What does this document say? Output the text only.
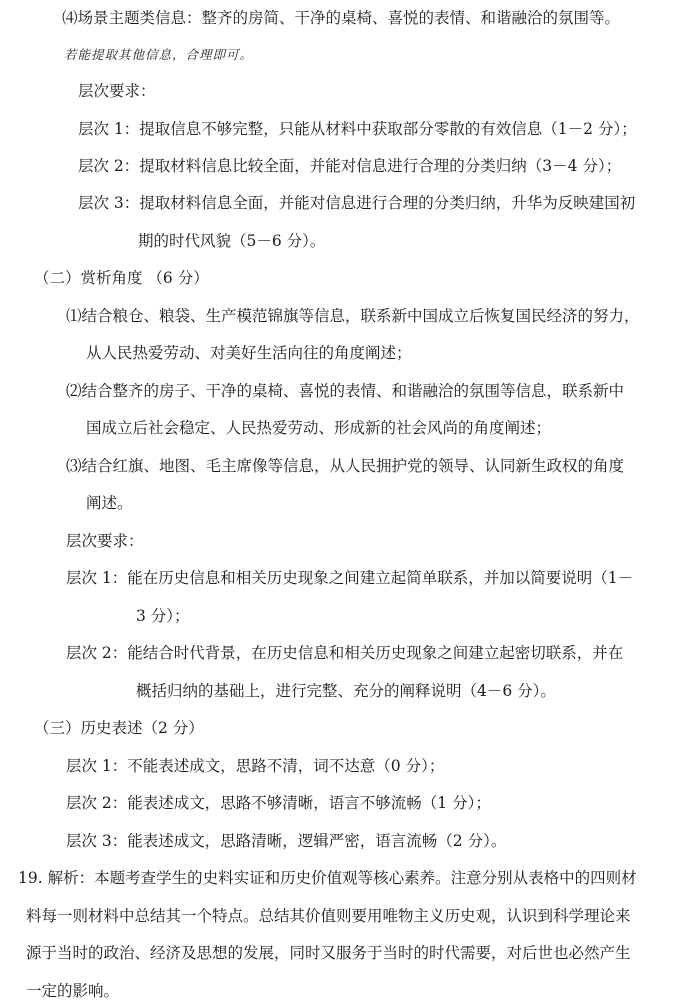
⑷场景主题类信息：整齐的房简、干净的桌椅、喜悦的表情、和谐融洽的氛围等。
若能提取其他信息，合理即可。
层次要求：
层次 1：提取信息不够完整，只能从材料中获取部分零散的有效信息（1－2 分）；
层次 2：提取材料信息比较全面，并能对信息进行合理的分类归纳（3－4 分）；
层次 3：提取材料信息全面，并能对信息进行合理的分类归纳，升华为反映建国初
期的时代风貌（5－6 分）。
（二）赏析角度 （6 分）
⑴结合粮仓、粮袋、生产模范锦旗等信息，联系新中国成立后恢复国民经济的努力，
从人民热爱劳动、对美好生活向往的角度阐述；
⑵结合整齐的房子、干净的桌椅、喜悦的表情、和谐融洽的氛围等信息，联系新中
国成立后社会稳定、人民热爱劳动、形成新的社会风尚的角度阐述；
⑶结合红旗、地图、毛主席像等信息，从人民拥护党的领导、认同新生政权的角度
阐述。
层次要求：
层次 1：能在历史信息和相关历史现象之间建立起简单联系，并加以简要说明（1－
3 分）；
层次 2：能结合时代背景，在历史信息和相关历史现象之间建立起密切联系，并在
概括归纳的基础上，进行完整、充分的阐释说明（4－6 分）。
（三）历史表述（2 分）
层次 1：不能表述成文，思路不清，词不达意（0 分）；
层次 2：能表述成文，思路不够清晰，语言不够流畅（1 分）；
层次 3：能表述成文，思路清晰，逻辑严密，语言流畅（2 分）。
19. 解析：本题考查学生的史料实证和历史价值观等核心素养。注意分别从表格中的四则材
料每一则材料中总结其一个特点。总结其价值则要用唯物主义历史观，认识到科学理论来
源于当时的政治、经济及思想的发展，同时又服务于当时的时代需要，对后世也必然产生
一定的影响。
